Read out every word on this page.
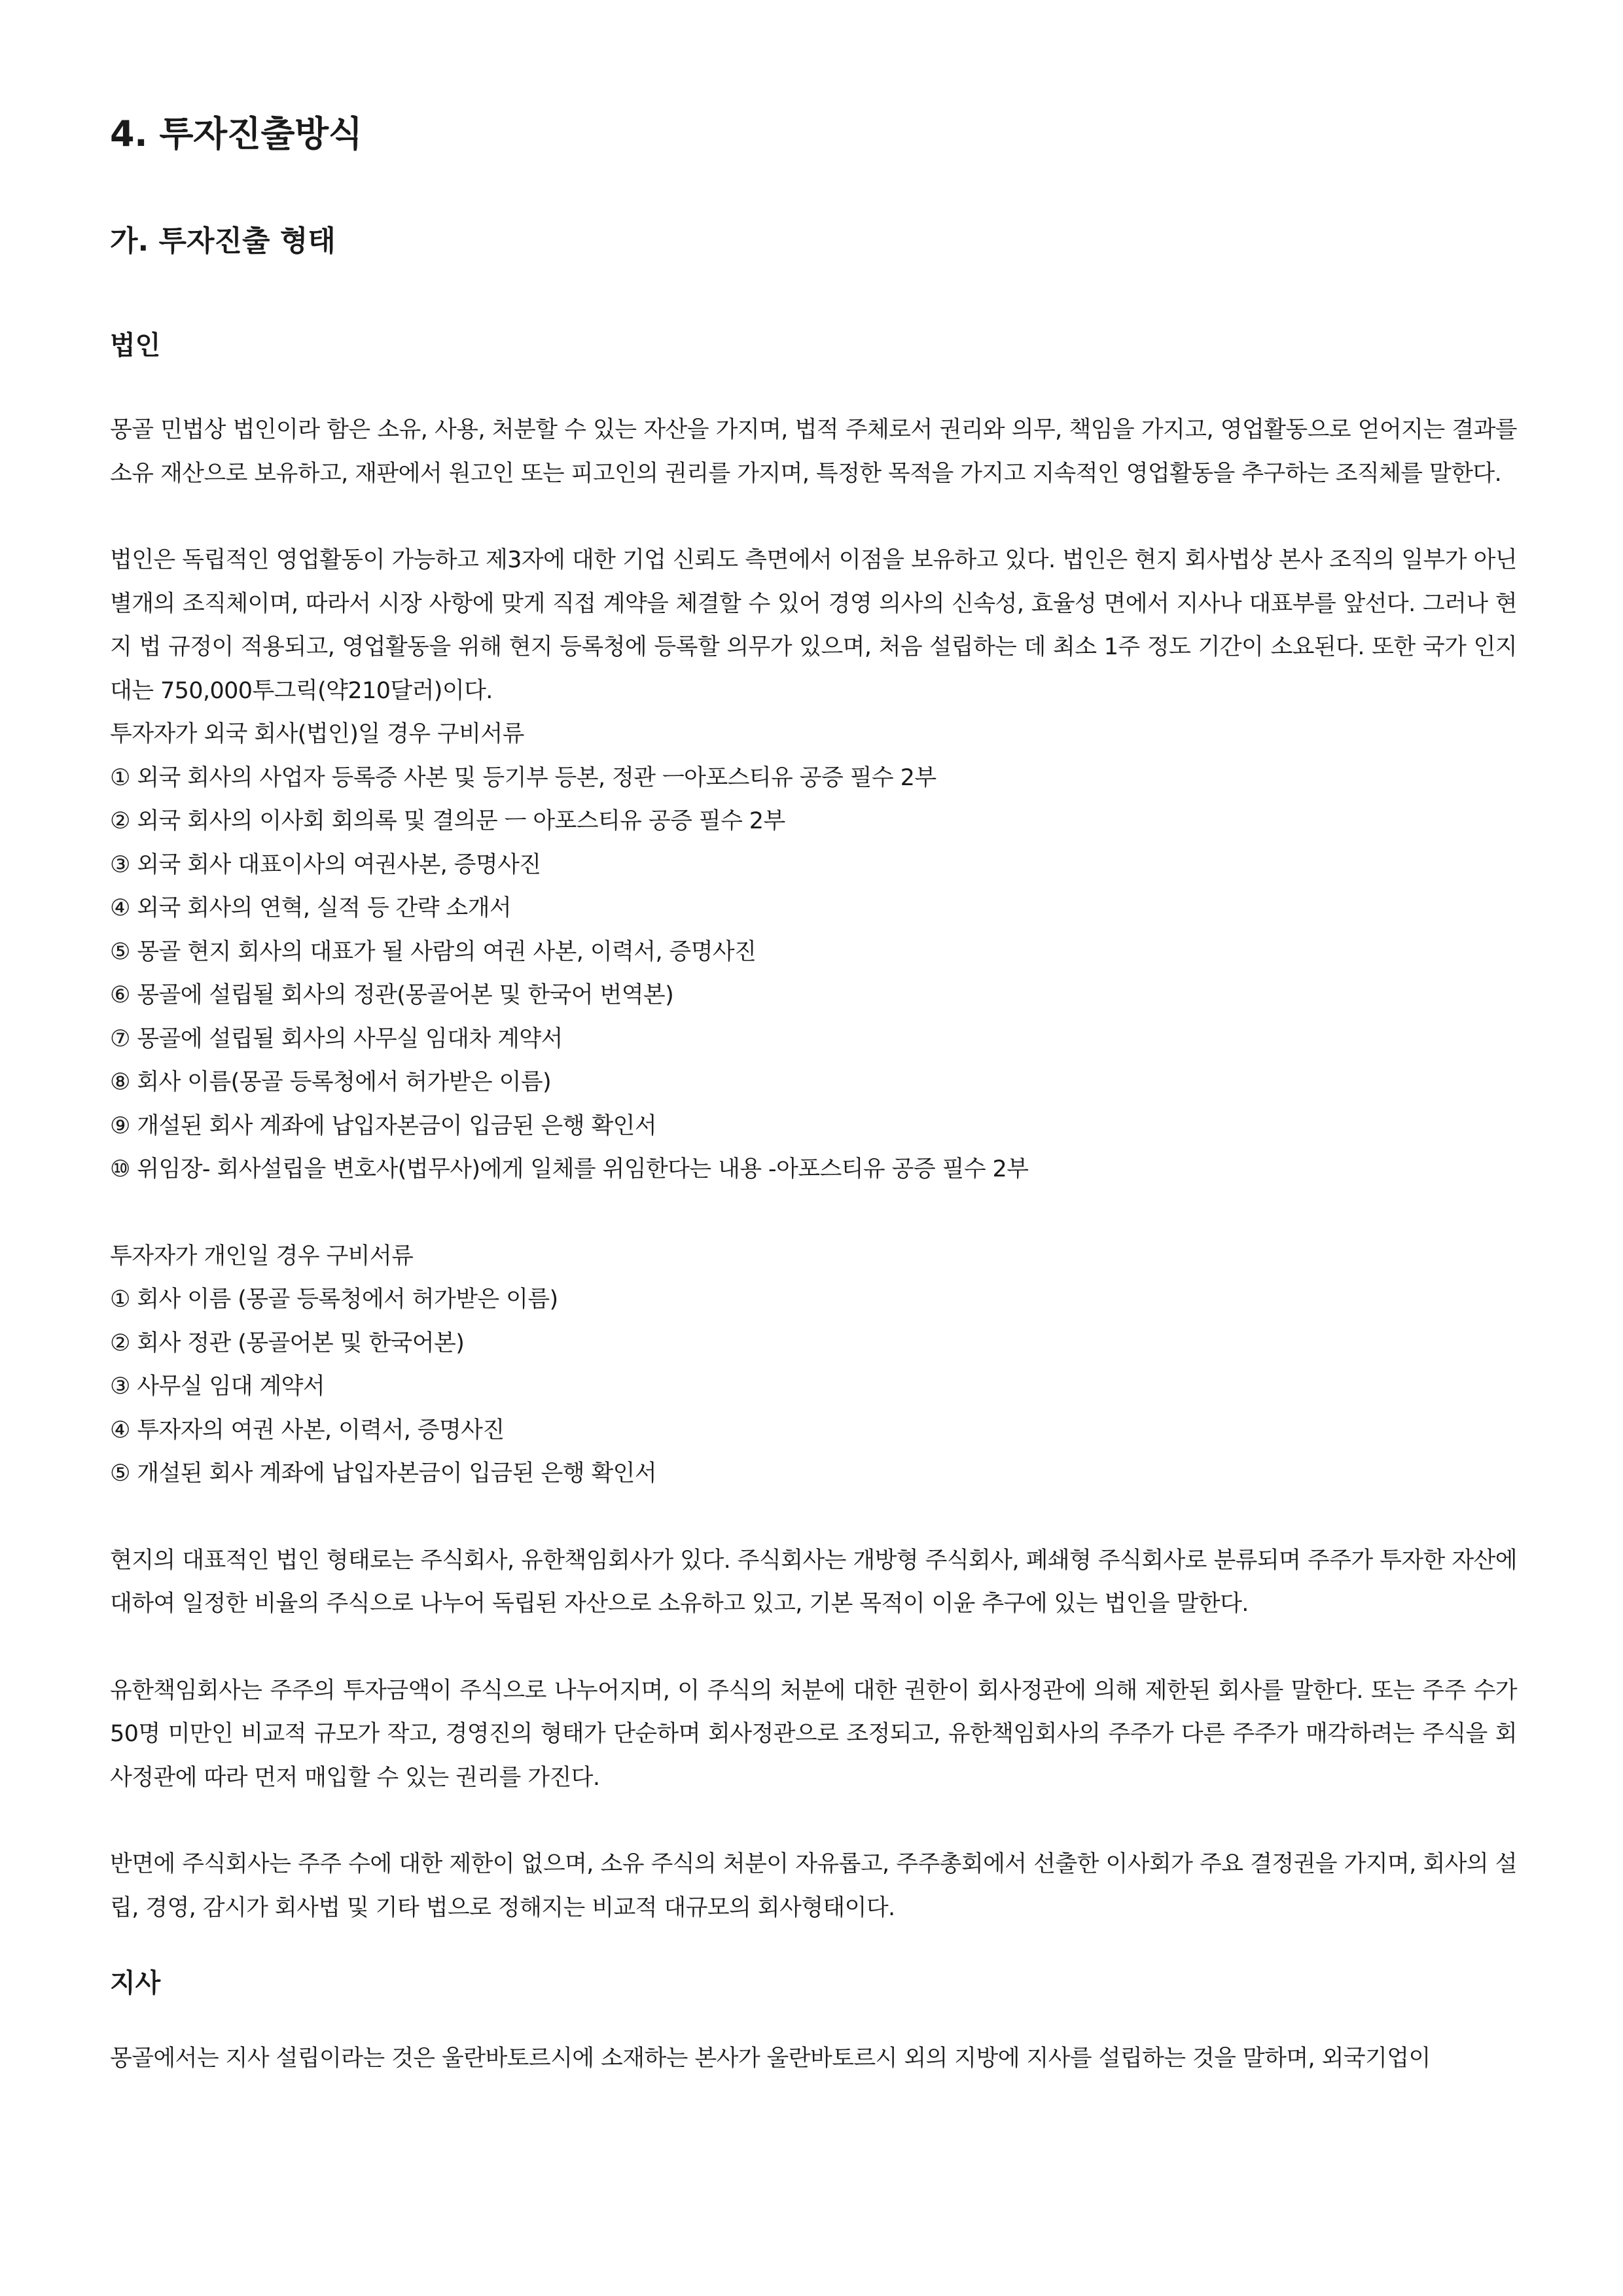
4. 투자진출방식
가. 투자진출 형태
법인

몽골 민법상 법인이라 함은 소유, 사용, 처분할 수 있는 자산을 가지며, 법적 주체로서 권리와 의무, 책임을 가지고, 영업활동으로 얻어지는 결과를 소유 재산으로 보유하고, 재판에서 원고인 또는 피고인의 권리를 가지며, 특정한 목적을 가지고 지속적인 영업활동을 추구하는 조직체를 말한다.

법인은 독립적인 영업활동이 가능하고 제3자에 대한 기업 신뢰도 측면에서 이점을 보유하고 있다. 법인은 현지 회사법상 본사 조직의 일부가 아닌 별개의 조직체이며, 따라서 시장 사항에 맞게 직접 계약을 체결할 수 있어 경영 의사의 신속성, 효율성 면에서 지사나 대표부를 앞선다. 그러나 현지 법 규정이 적용되고, 영업활동을 위해 현지 등록청에 등록할 의무가 있으며, 처음 설립하는 데 최소 1주 정도 기간이 소요된다. 또한 국가 인지대는 750,000투그릭(약210달러)이다.

투자자가 외국 회사(법인)일 경우 구비서류

① 외국 회사의 사업자 등록증 사본 및 등기부 등본, 정관 ㅡ아포스티유 공증 필수 2부
② 외국 회사의 이사회 회의록 및 결의문 ㅡ 아포스티유 공증 필수 2부
③ 외국 회사 대표이사의 여권사본, 증명사진
④ 외국 회사의 연혁, 실적 등 간략 소개서
⑤ 몽골 현지 회사의 대표가 될 사람의 여권 사본, 이력서, 증명사진
⑥ 몽골에 설립될 회사의 정관(몽골어본 및 한국어 번역본)
⑦ 몽골에 설립될 회사의 사무실 임대차 계약서
⑧ 회사 이름(몽골 등록청에서 허가받은 이름)
⑨ 개설된 회사 계좌에 납입자본금이 입금된 은행 확인서
⑩ 위임장- 회사설립을 변호사(법무사)에게 일체를 위임한다는 내용 -아포스티유 공증 필수 2부

투자자가 개인일 경우 구비서류

① 회사 이름 (몽골 등록청에서 허가받은 이름)
② 회사 정관 (몽골어본 및 한국어본)
③ 사무실 임대 계약서
④ 투자자의 여권 사본, 이력서, 증명사진
⑤ 개설된 회사 계좌에 납입자본금이 입금된 은행 확인서

현지의 대표적인 법인 형태로는 주식회사, 유한책임회사가 있다. 주식회사는 개방형 주식회사, 폐쇄형 주식회사로 분류되며 주주가 투자한 자산에 대하여 일정한 비율의 주식으로 나누어 독립된 자산으로 소유하고 있고, 기본 목적이 이윤 추구에 있는 법인을 말한다.

유한책임회사는 주주의 투자금액이 주식으로 나누어지며, 이 주식의 처분에 대한 권한이 회사정관에 의해 제한된 회사를 말한다. 또는 주주 수가 50명 미만인 비교적 규모가 작고, 경영진의 형태가 단순하며 회사정관으로 조정되고, 유한책임회사의 주주가 다른 주주가 매각하려는 주식을 회사정관에 따라 먼저 매입할 수 있는 권리를 가진다.

반면에 주식회사는 주주 수에 대한 제한이 없으며, 소유 주식의 처분이 자유롭고, 주주총회에서 선출한 이사회가 주요 결정권을 가지며, 회사의 설립, 경영, 감시가 회사법 및 기타 법으로 정해지는 비교적 대규모의 회사형태이다.

지사

몽골에서는 지사 설립이라는 것은 울란바토르시에 소재하는 본사가 울란바토르시 외의 지방에 지사를 설립하는 것을 말하며, 외국기업이
